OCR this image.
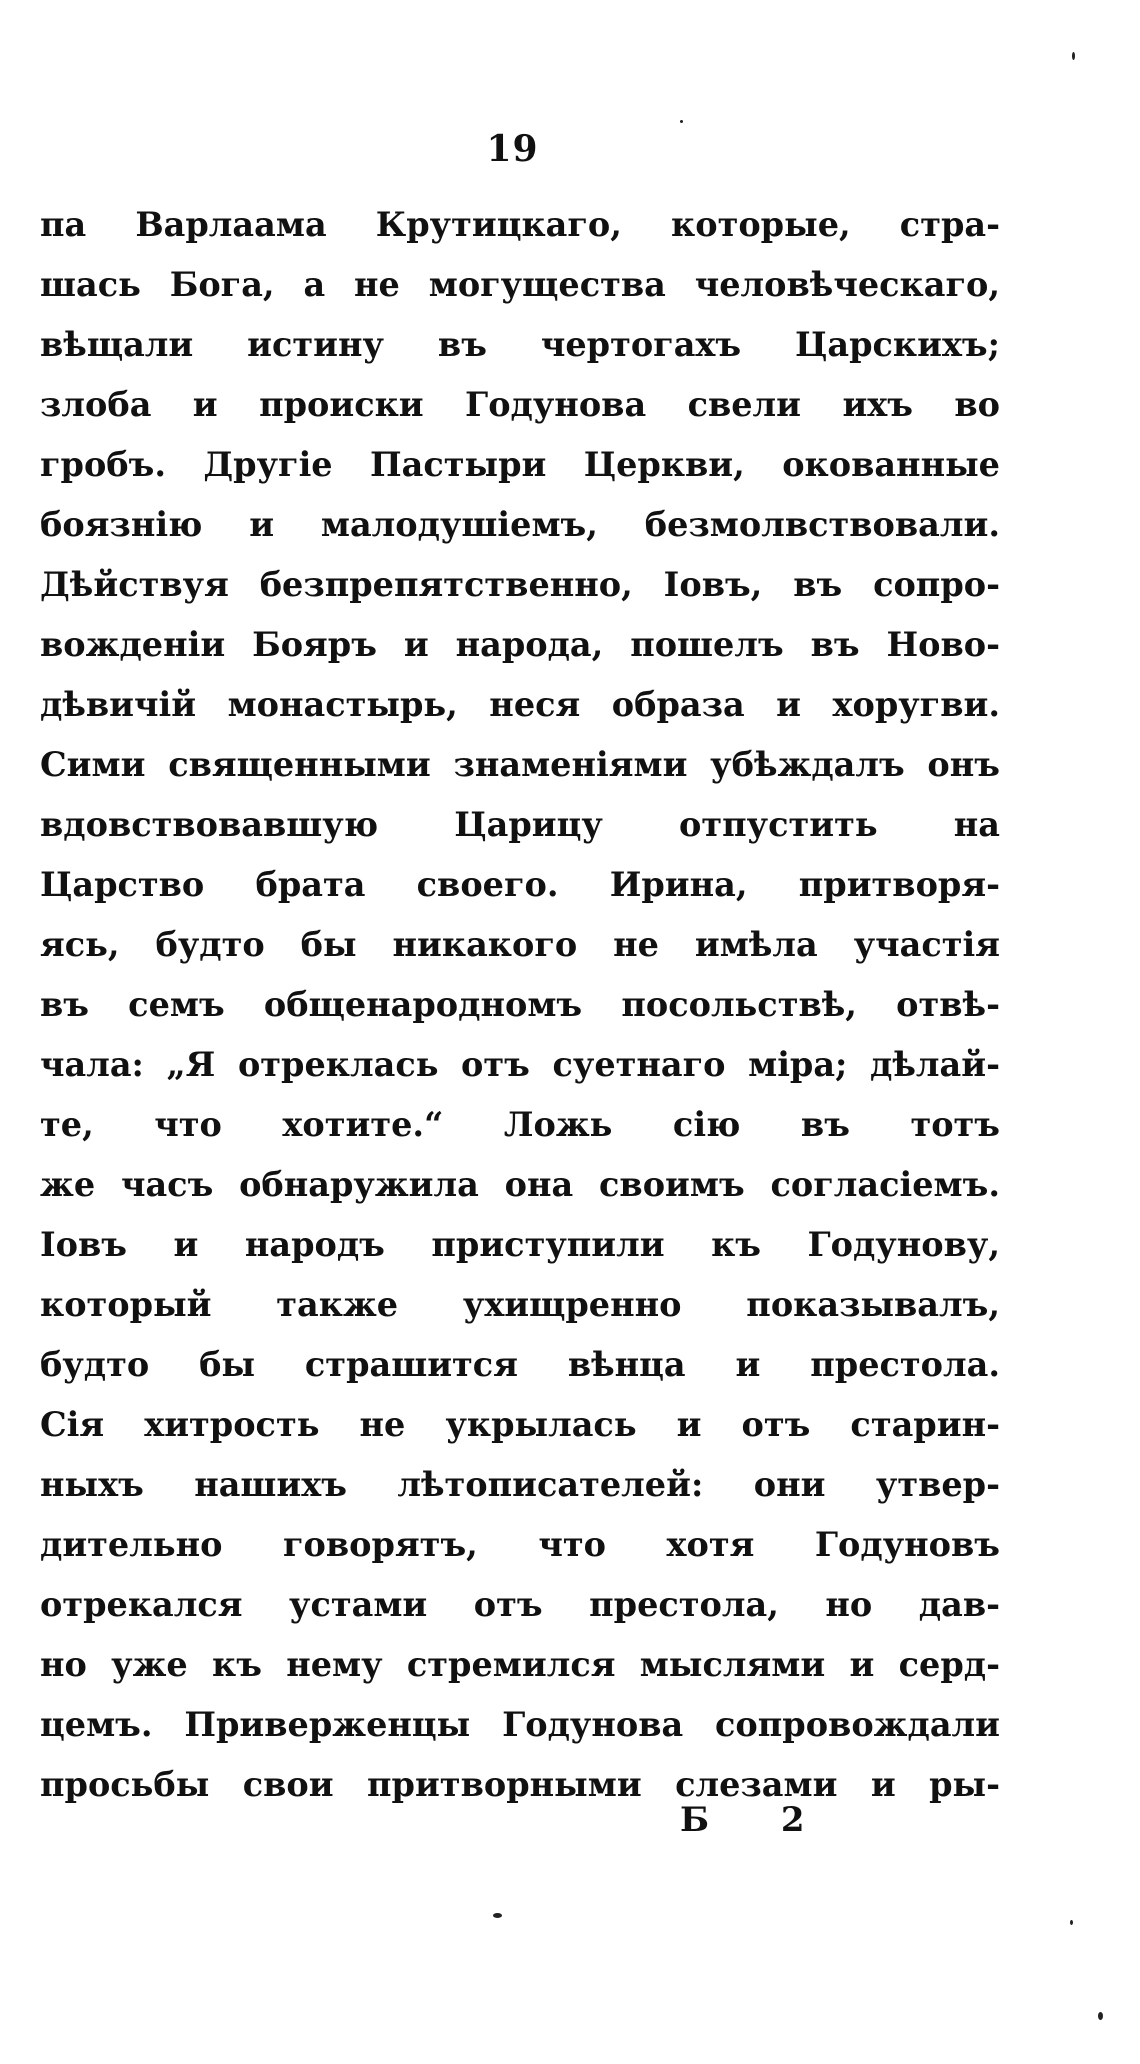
19
па Варлаама Крутицкаго, которые, стра-
шась Бога, а не могущества человѣческаго,
вѣщали истину въ чертогахъ Царскихъ;
злоба и происки Годунова свели ихъ во
гробъ. Другіе Пастыри Церкви, окованные
боязнію и малодушіемъ, безмолвствовали.
Дѣйствуя безпрепятственно, Іовъ, въ сопро-
вожденіи Бояръ и народа, пошелъ въ Ново-
дѣвичій монастырь, неся образа и хоругви.
Сими священными знаменіями убѣждалъ онъ
вдовствовавшую Царицу отпустить на
Царство брата своего. Ирина, притворя-
ясь, будто бы никакого не имѣла участія
въ семъ общенародномъ посольствѣ, отвѣ-
чала: „Я отреклась отъ суетнаго міра; дѣлай-
те, что хотите.“ Ложь сію въ тотъ
же часъ обнаружила она своимъ согласіемъ.
Іовъ и народъ приступили къ Годунову,
который также ухищренно показывалъ,
будто бы страшится вѣнца и престола.
Сія хитрость не укрылась и отъ старин-
ныхъ нашихъ лѣтописателей: они утвер-
дительно говорятъ, что хотя Годуновъ
отрекался устами отъ престола, но дав-
но уже къ нему стремился мыслями и серд-
цемъ. Приверженцы Годунова сопровождали
просьбы свои притворными слезами и ры-
Б 2
